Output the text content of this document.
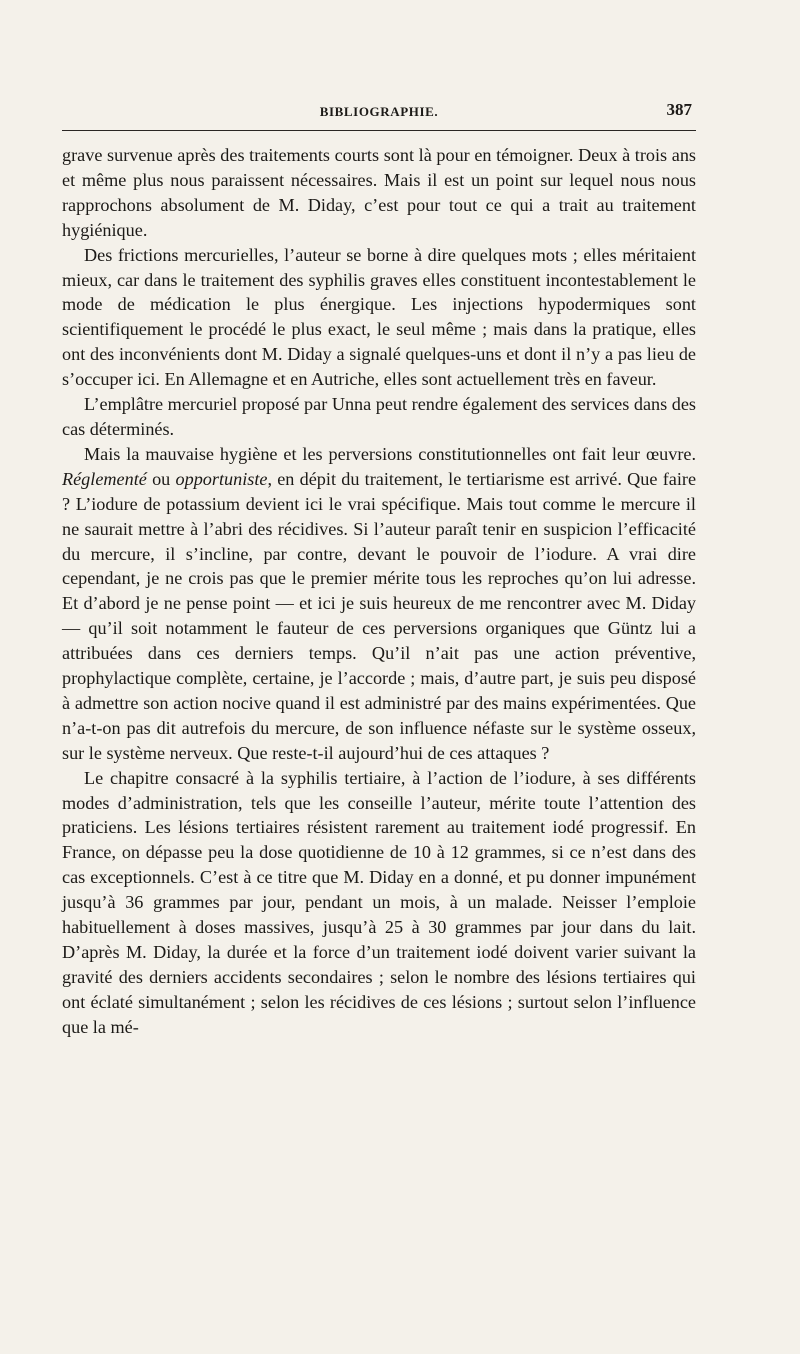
BIBLIOGRAPHIE.	387

grave survenue après des traitements courts sont là pour en témoigner. Deux à trois ans et même plus nous paraissent nécessaires. Mais il est un point sur lequel nous nous rapprochons absolument de M. Diday, c’est pour tout ce qui a trait au traitement hygiénique.

Des frictions mercurielles, l’auteur se borne à dire quelques mots ; elles méritaient mieux, car dans le traitement des syphilis graves elles constituent incontestablement le mode de médication le plus énergique. Les injections hypodermiques sont scientifiquement le procédé le plus exact, le seul même ; mais dans la pratique, elles ont des inconvénients dont M. Diday a signalé quelques-uns et dont il n’y a pas lieu de s’occuper ici. En Allemagne et en Autriche, elles sont actuellement très en faveur.

L’emplâtre mercuriel proposé par Unna peut rendre également des services dans des cas déterminés.

Mais la mauvaise hygiène et les perversions constitutionnelles ont fait leur œuvre. Réglementé ou opportuniste, en dépit du traitement, le tertiarisme est arrivé. Que faire ? L’iodure de potassium devient ici le vrai spécifique. Mais tout comme le mercure il ne saurait mettre à l’abri des récidives. Si l’auteur paraît tenir en suspicion l’efficacité du mercure, il s’incline, par contre, devant le pouvoir de l’iodure. A vrai dire cependant, je ne crois pas que le premier mérite tous les reproches qu’on lui adresse. Et d’abord je ne pense point — et ici je suis heureux de me rencontrer avec M. Diday — qu’il soit notamment le fauteur de ces perversions organiques que Güntz lui a attribuées dans ces derniers temps. Qu’il n’ait pas une action préventive, prophylactique complète, certaine, je l’accorde ; mais, d’autre part, je suis peu disposé à admettre son action nocive quand il est administré par des mains expérimentées. Que n’a-t-on pas dit autrefois du mercure, de son influence néfaste sur le système osseux, sur le système nerveux. Que reste-t-il aujourd’hui de ces attaques ?

Le chapitre consacré à la syphilis tertiaire, à l’action de l’iodure, à ses différents modes d’administration, tels que les conseille l’auteur, mérite toute l’attention des praticiens. Les lésions tertiaires résistent rarement au traitement iodé progressif. En France, on dépasse peu la dose quotidienne de 10 à 12 grammes, si ce n’est dans des cas exceptionnels. C’est à ce titre que M. Diday en a donné, et pu donner impunément jusqu’à 36 grammes par jour, pendant un mois, à un malade. Neisser l’emploie habituellement à doses massives, jusqu’à 25 à 30 grammes par jour dans du lait. D’après M. Diday, la durée et la force d’un traitement iodé doivent varier suivant la gravité des derniers accidents secondaires ; selon le nombre des lésions tertiaires qui ont éclaté simultanément ; selon les récidives de ces lésions ; surtout selon l’influence que la mé-
